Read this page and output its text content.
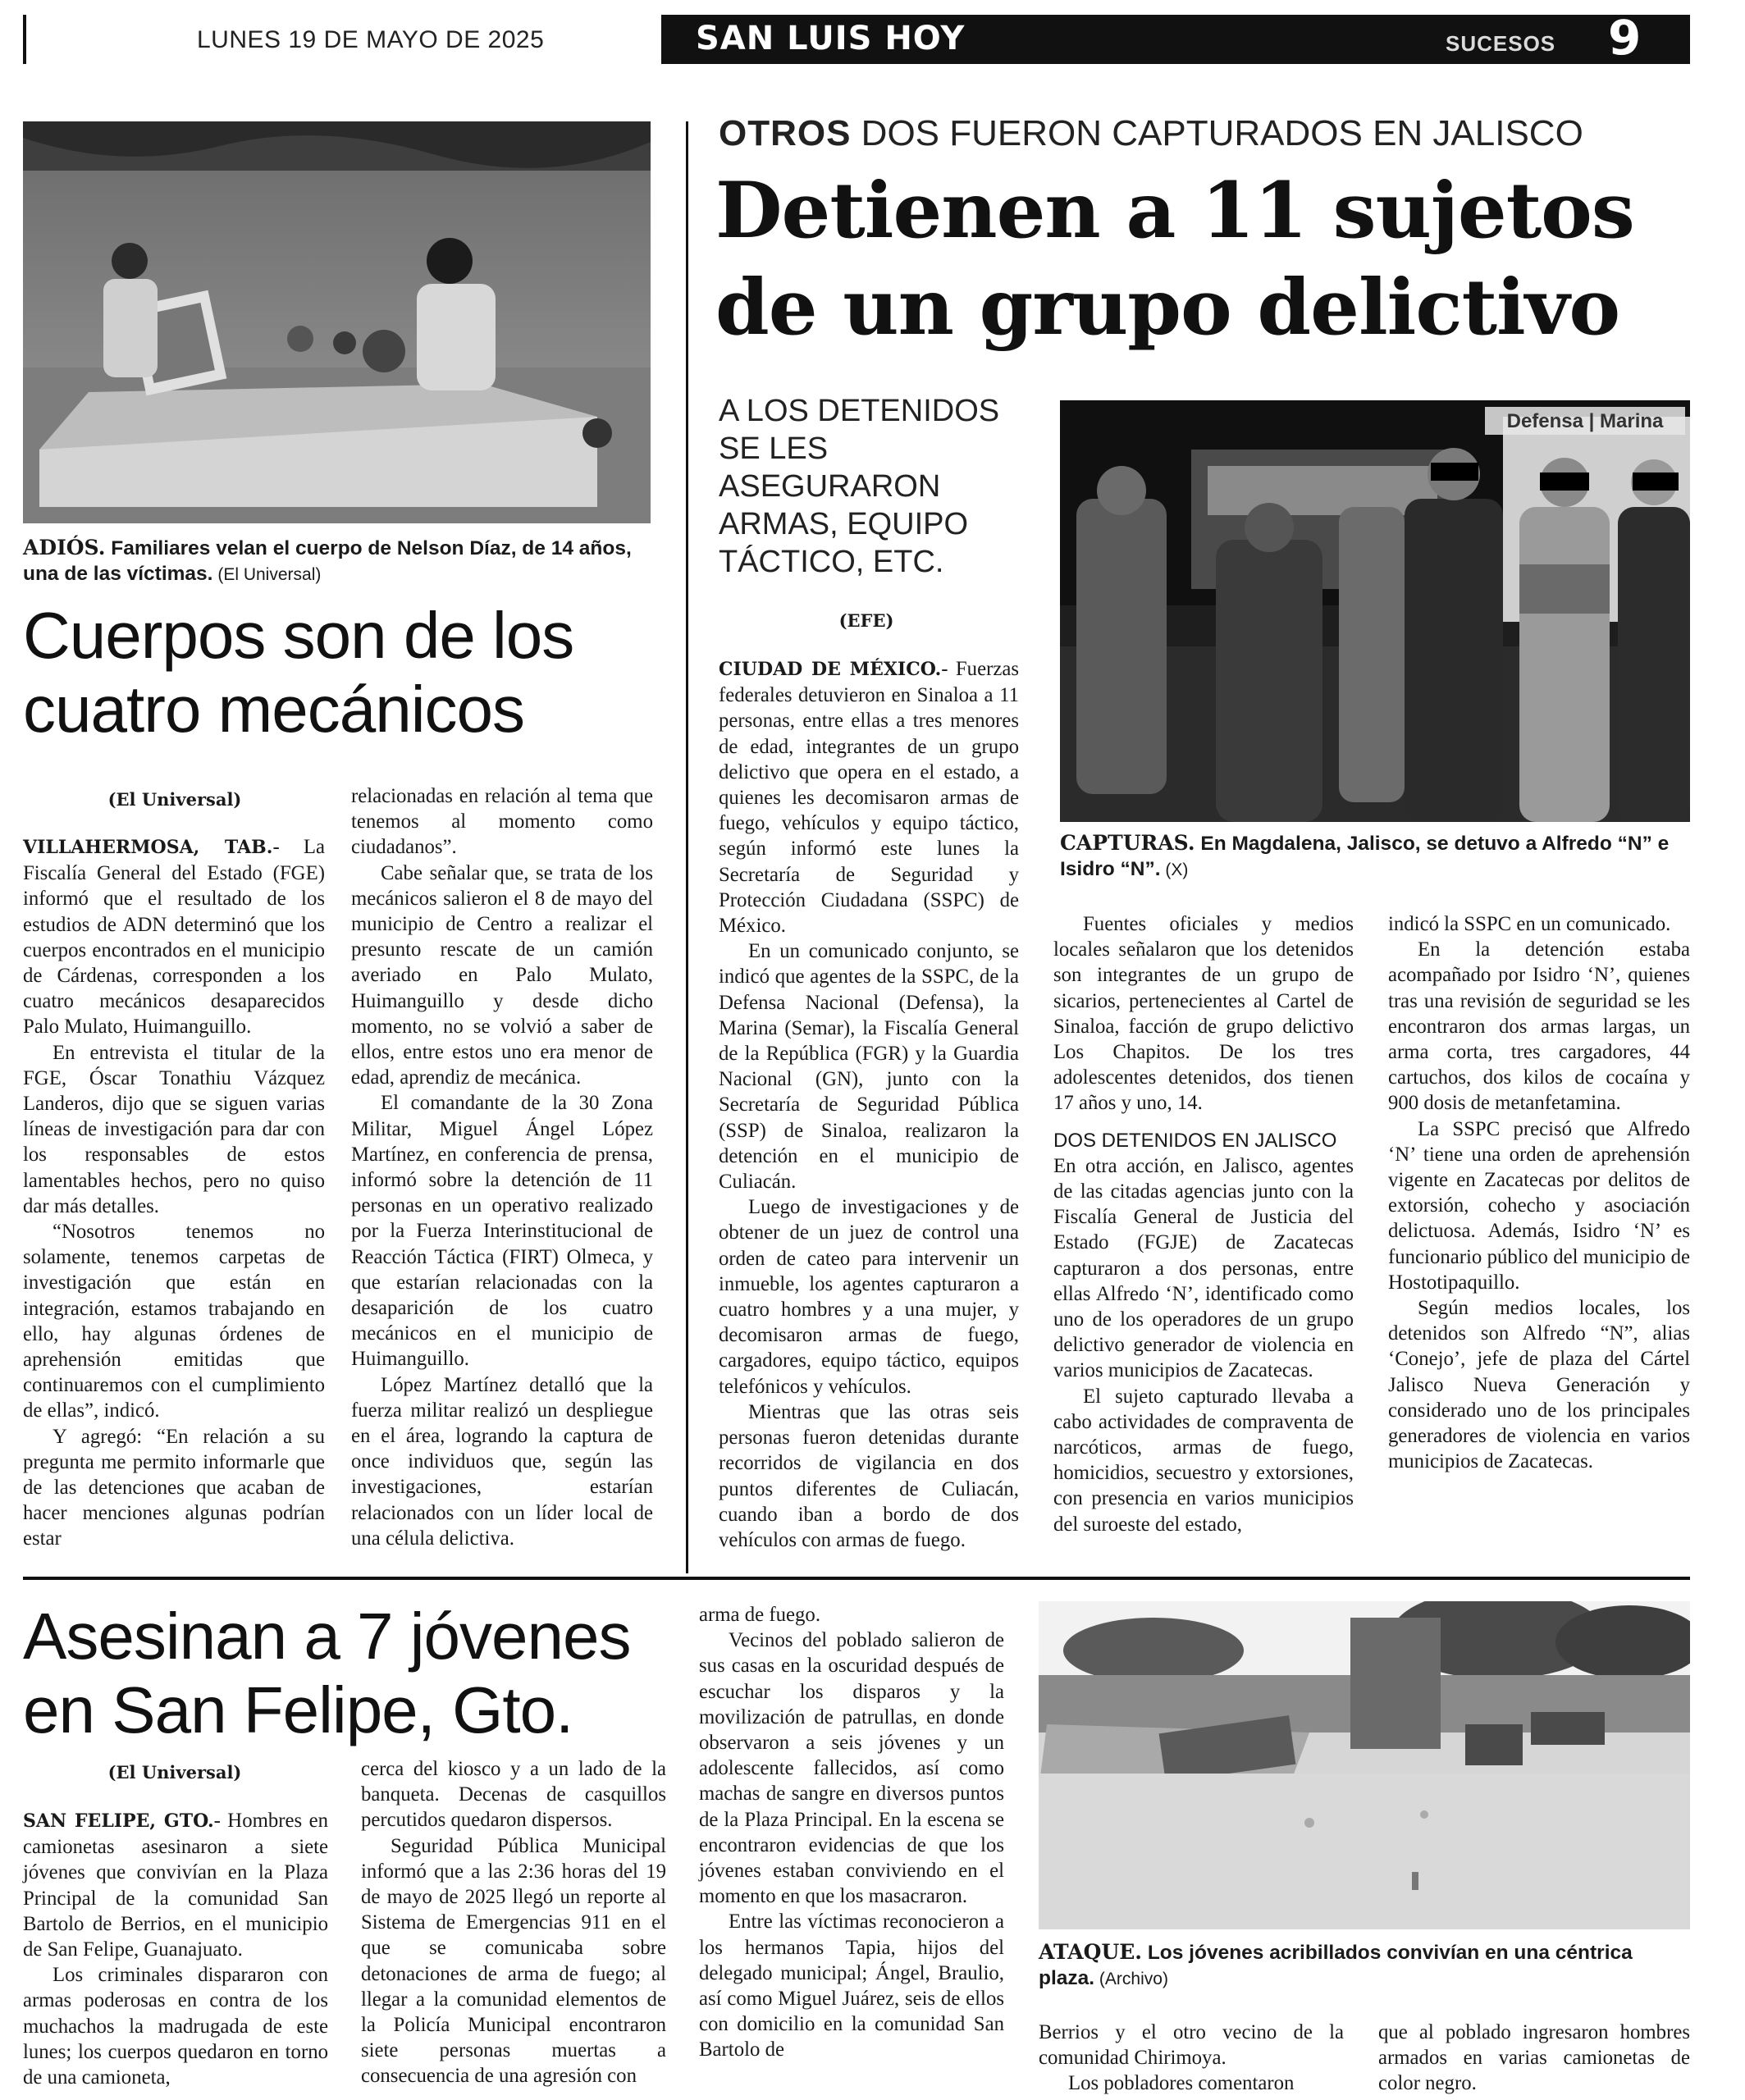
LUNES 19 DE MAYO DE 2025	SAN LUIS HOY	SUCESOS 9
ADIÓS. Familiares velan el cuerpo de Nelson Díaz, de 14 años, una de las víctimas. (El Universal)
Cuerpos son de los
cuatro mecánicos
(El Universal)

VILLAHERMOSA, TAB.- La Fiscalía General del Estado (FGE) informó que el resultado de los estudios de ADN determinó que los cuerpos encontrados en el municipio de Cárdenas, corresponden a los cuatro mecánicos desaparecidos Palo Mulato, Huimanguillo.

En entrevista el titular de la FGE, Óscar Tonathiu Vázquez Landeros, dijo que se siguen varias líneas de investigación para dar con los responsables de estos lamentables hechos, pero no quiso dar más detalles.

“Nosotros tenemos no solamente, tenemos carpetas de investigación que están en integración, estamos trabajando en ello, hay algunas órdenes de aprehensión emitidas que continuaremos con el cumplimiento de ellas”, indicó.

Y agregó: “En relación a su pregunta me permito informarle que de las detenciones que acaban de hacer menciones algunas podrían estar

relacionadas en relación al tema que tenemos al momento como ciudadanos”.

Cabe señalar que, se trata de los mecánicos salieron el 8 de mayo del municipio de Centro a realizar el presunto rescate de un camión averiado en Palo Mulato, Huimanguillo y desde dicho momento, no se volvió a saber de ellos, entre estos uno era menor de edad, aprendiz de mecánica.

El comandante de la 30 Zona Militar, Miguel Ángel López Martínez, en conferencia de prensa, informó sobre la detención de 11 personas en un operativo realizado por la Fuerza Interinstitucional de Reacción Táctica (FIRT) Olmeca, y que estarían relacionadas con la desaparición de los cuatro mecánicos en el municipio de Huimanguillo.

López Martínez detalló que la fuerza militar realizó un despliegue en el área, logrando la captura de once individuos que, según las investigaciones, estarían relacionados con un líder local de una célula delictiva.

OTROS DOS FUERON CAPTURADOS EN JALISCO
Detienen a 11 sujetos
de un grupo delictivo
A LOS DETENIDOS SE LES ASEGURARON ARMAS, EQUIPO TÁCTICO, ETC.
(EFE)
Defensa | Marina
CAPTURAS. En Magdalena, Jalisco, se detuvo a Alfredo “N” e Isidro “N”. (X)

CIUDAD DE MÉXICO.- Fuerzas federales detuvieron en Sinaloa a 11 personas, entre ellas a tres menores de edad, integrantes de un grupo delictivo que opera en el estado, a quienes les decomisaron armas de fuego, vehículos y equipo táctico, según informó este lunes la Secretaría de Seguridad y Protección Ciudadana (SSPC) de México.

En un comunicado conjunto, se indicó que agentes de la SSPC, de la Defensa Nacional (Defensa), la Marina (Semar), la Fiscalía General de la República (FGR) y la Guardia Nacional (GN), junto con la Secretaría de Seguridad Pública (SSP) de Sinaloa, realizaron la detención en el municipio de Culiacán.

Luego de investigaciones y de obtener de un juez de control una orden de cateo para intervenir un inmueble, los agentes capturaron a cuatro hombres y a una mujer, y decomisaron armas de fuego, cargadores, equipo táctico, equipos telefónicos y vehículos.

Mientras que las otras seis personas fueron detenidas durante recorridos de vigilancia en dos puntos diferentes de Culiacán, cuando iban a bordo de dos vehículos con armas de fuego.

Fuentes oficiales y medios locales señalaron que los detenidos son integrantes de un grupo de sicarios, pertenecientes al Cartel de Sinaloa, facción de grupo delictivo Los Chapitos. De los tres adolescentes detenidos, dos tienen 17 años y uno, 14.

DOS DETENIDOS EN JALISCO

En otra acción, en Jalisco, agentes de las citadas agencias junto con la Fiscalía General de Justicia del Estado (FGJE) de Zacatecas capturaron a dos personas, entre ellas Alfredo ‘N’, identificado como uno de los operadores de un grupo delictivo generador de violencia en varios municipios de Zacatecas.

El sujeto capturado llevaba a cabo actividades de compraventa de narcóticos, armas de fuego, homicidios, secuestro y extorsiones, con presencia en varios municipios del suroeste del estado,

indicó la SSPC en un comunicado.

En la detención estaba acompañado por Isidro ‘N’, quienes tras una revisión de seguridad se les encontraron dos armas largas, un arma corta, tres cargadores, 44 cartuchos, dos kilos de cocaína y 900 dosis de metanfetamina.

La SSPC precisó que Alfredo ‘N’ tiene una orden de aprehensión vigente en Zacatecas por delitos de extorsión, cohecho y asociación delictuosa. Además, Isidro ‘N’ es funcionario público del municipio de Hostotipaquillo.

Según medios locales, los detenidos son Alfredo “N”, alias ‘Conejo’, jefe de plaza del Cártel Jalisco Nueva Generación y considerado uno de los principales generadores de violencia en varios municipios de Zacatecas.

Asesinan a 7 jóvenes
en San Felipe, Gto.
(El Universal)

SAN FELIPE, GTO.- Hombres en camionetas asesinaron a siete jóvenes que convivían en la Plaza Principal de la comunidad San Bartolo de Berrios, en el municipio de San Felipe, Guanajuato.

Los criminales dispararon con armas poderosas en contra de los muchachos la madrugada de este lunes; los cuerpos quedaron en torno de una camioneta,

cerca del kiosco y a un lado de la banqueta. Decenas de casquillos percutidos quedaron dispersos.

Seguridad Pública Municipal informó que a las 2:36 horas del 19 de mayo de 2025 llegó un reporte al Sistema de Emergencias 911 en el que se comunicaba sobre detonaciones de arma de fuego; al llegar a la comunidad elementos de la Policía Municipal encontraron siete personas muertas a consecuencia de una agresión con

arma de fuego.

Vecinos del poblado salieron de sus casas en la oscuridad después de escuchar los disparos y la movilización de patrullas, en donde observaron a seis jóvenes y un adolescente fallecidos, así como machas de sangre en diversos puntos de la Plaza Principal. En la escena se encontraron evidencias de que los jóvenes estaban conviviendo en el momento en que los masacraron.

Entre las víctimas reconocieron a los hermanos Tapia, hijos del delegado municipal; Ángel, Braulio, así como Miguel Juárez, seis de ellos con domicilio en la comunidad San Bartolo de

ATAQUE. Los jóvenes acribillados convivían en una céntrica plaza. (Archivo)

Berrios y el otro vecino de la comunidad Chirimoya.

Los pobladores comentaron

que al poblado ingresaron hombres armados en varias camionetas de color negro.
